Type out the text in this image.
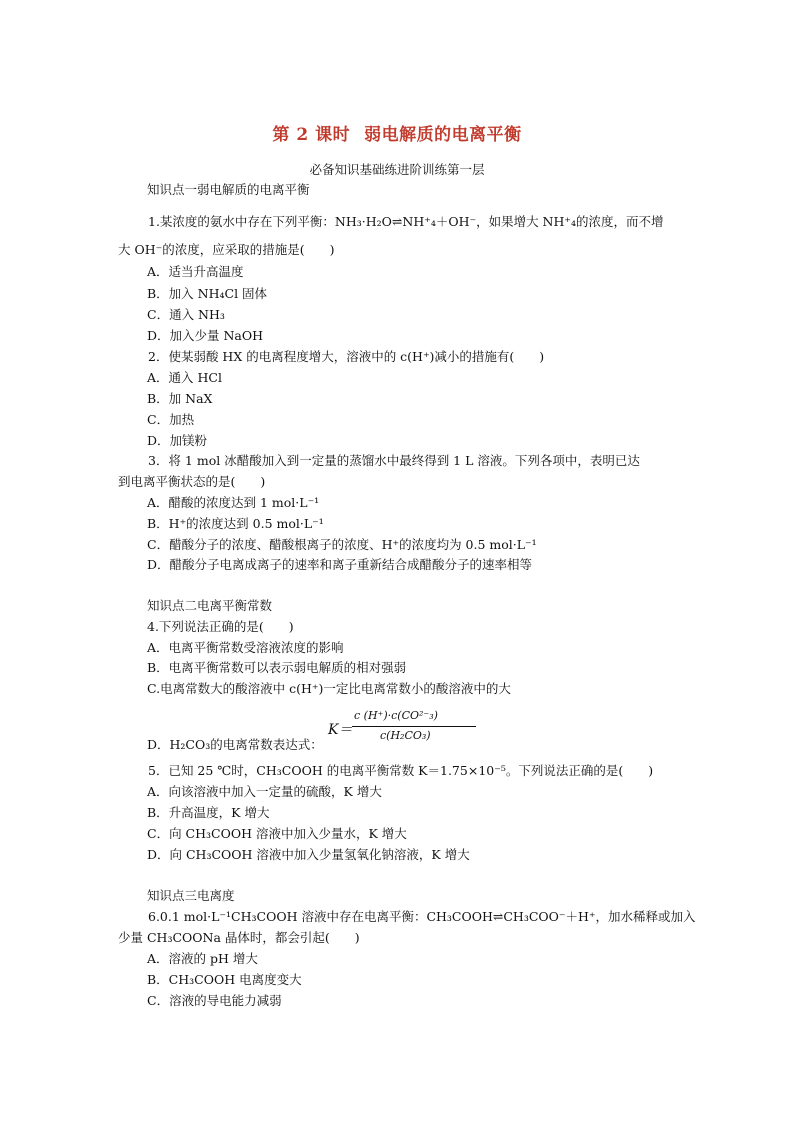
第 2 课时 弱电解质的电离平衡
必备知识基础练进阶训练第一层
知识点一弱电解质的电离平衡
1.某浓度的氨水中存在下列平衡：NH₃·H₂O⇌NH⁺₄＋OH⁻，如果增大 NH⁺₄的浓度，而不增
大 OH⁻的浓度，应采取的措施是(　　)
A．适当升高温度
B．加入 NH₄Cl 固体
C．通入 NH₃
D．加入少量 NaOH
2．使某弱酸 HX 的电离程度增大，溶液中的 c(H⁺)减小的措施有(　　)
A．通入 HCl
B．加 NaX
C．加热
D．加镁粉
3．将 1 mol 冰醋酸加入到一定量的蒸馏水中最终得到 1 L 溶液。下列各项中，表明已达
到电离平衡状态的是(　　)
A．醋酸的浓度达到 1 mol·L⁻¹
B．H⁺的浓度达到 0.5 mol·L⁻¹
C．醋酸分子的浓度、醋酸根离子的浓度、H⁺的浓度均为 0.5 mol·L⁻¹
D．醋酸分子电离成离子的速率和离子重新结合成醋酸分子的速率相等
知识点二电离平衡常数
4.下列说法正确的是(　　)
A．电离平衡常数受溶液浓度的影响
B．电离平衡常数可以表示弱电解质的相对强弱
C.电离常数大的酸溶液中 c(H⁺)一定比电离常数小的酸溶液中的大
D．H₂CO₃的电离常数表达式：
K＝
c (H⁺)·c(CO²⁻₃)
c(H₂CO₃)
5．已知 25 ℃时，CH₃COOH 的电离平衡常数 K＝1.75×10⁻⁵。下列说法正确的是(　　)
A．向该溶液中加入一定量的硫酸，K 增大
B．升高温度，K 增大
C．向 CH₃COOH 溶液中加入少量水，K 增大
D．向 CH₃COOH 溶液中加入少量氢氧化钠溶液，K 增大
知识点三电离度
6.0.1 mol·L⁻¹CH₃COOH 溶液中存在电离平衡：CH₃COOH⇌CH₃COO⁻＋H⁺，加水稀释或加入
少量 CH₃COONa 晶体时，都会引起(　　)
A．溶液的 pH 增大
B．CH₃COOH 电离度变大
C．溶液的导电能力减弱
